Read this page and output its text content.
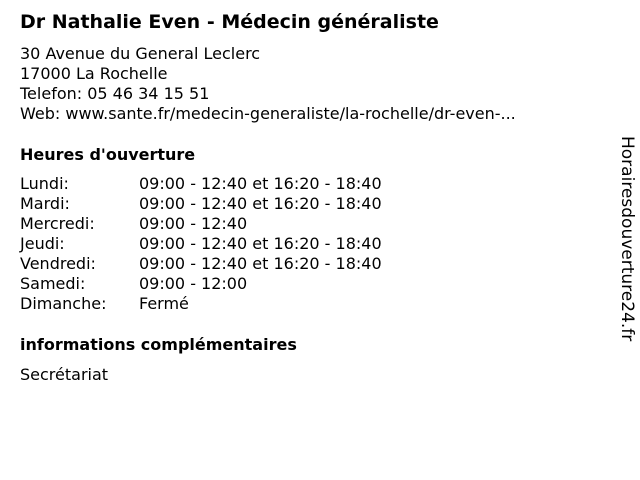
Dr Nathalie Even - Médecin généraliste
30 Avenue du General Leclerc
17000 La Rochelle
Telefon: 05 46 34 15 51
Web: www.sante.fr/medecin-generaliste/la-rochelle/dr-even-...
Heures d'ouverture
Lundi:	09:00 - 12:40 et 16:20 - 18:40
Mardi:	09:00 - 12:40 et 16:20 - 18:40
Mercredi:	09:00 - 12:40
Jeudi:	09:00 - 12:40 et 16:20 - 18:40
Vendredi:	09:00 - 12:40 et 16:20 - 18:40
Samedi:	09:00 - 12:00
Dimanche:	Fermé
informations complémentaires
Secrétariat
Horairesdouverture24.fr
